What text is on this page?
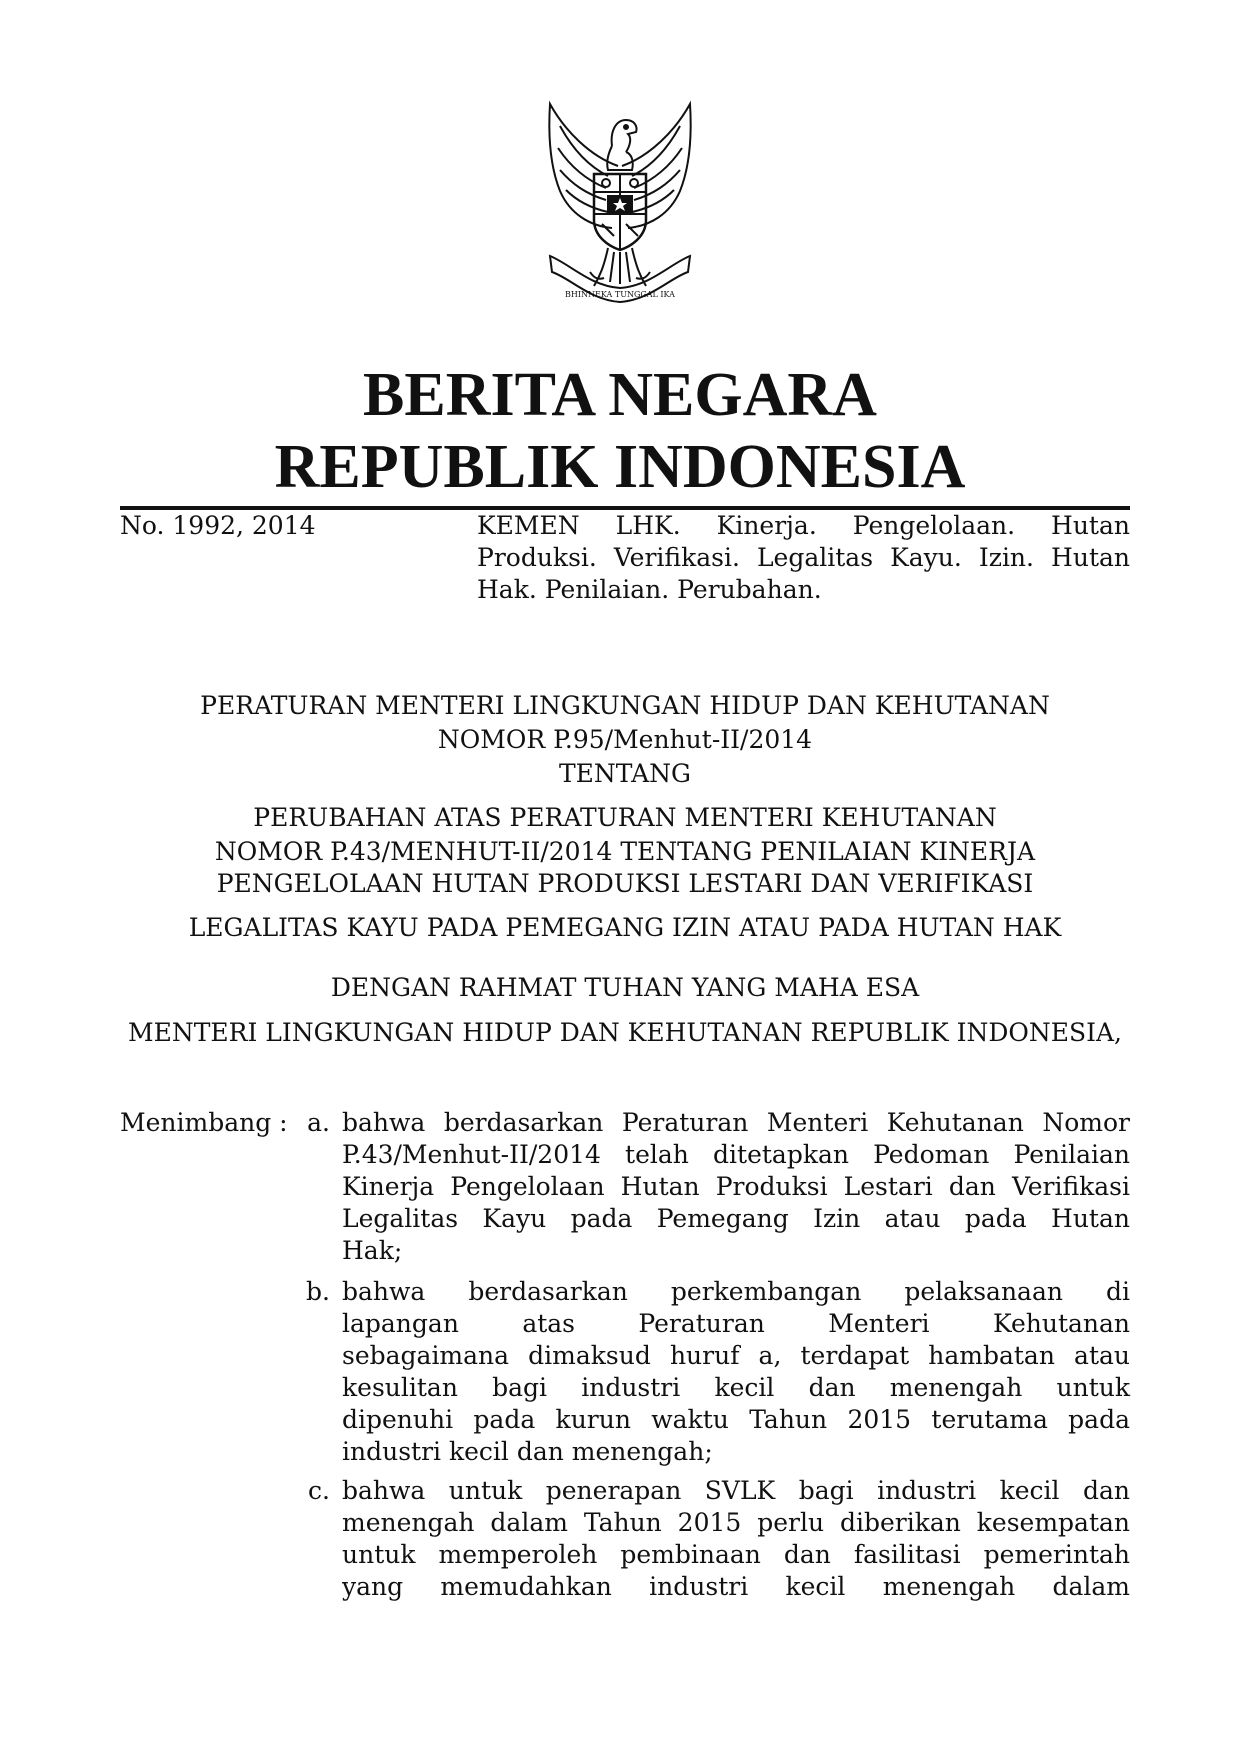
BHINNEKA TUNGGAL IKA
BERITA NEGARA
REPUBLIK INDONESIA
No. 1992, 2014	KEMEN LHK. Kinerja. Pengelolaan. Hutan
Produksi. Verifikasi. Legalitas Kayu. Izin. Hutan
Hak. Penilaian. Perubahan.
PERATURAN MENTERI LINGKUNGAN HIDUP DAN KEHUTANAN
NOMOR P.95/Menhut-II/2014
TENTANG
PERUBAHAN ATAS PERATURAN MENTERI KEHUTANAN
NOMOR P.43/MENHUT-II/2014 TENTANG PENILAIAN KINERJA
PENGELOLAAN HUTAN PRODUKSI LESTARI DAN VERIFIKASI
LEGALITAS KAYU PADA PEMEGANG IZIN ATAU PADA HUTAN HAK
DENGAN RAHMAT TUHAN YANG MAHA ESA
MENTERI LINGKUNGAN HIDUP DAN KEHUTANAN REPUBLIK INDONESIA,
Menimbang : a. bahwa berdasarkan Peraturan Menteri Kehutanan Nomor
P.43/Menhut-II/2014 telah ditetapkan Pedoman Penilaian
Kinerja Pengelolaan Hutan Produksi Lestari dan Verifikasi
Legalitas Kayu pada Pemegang Izin atau pada Hutan
Hak;
b. bahwa berdasarkan perkembangan pelaksanaan di
lapangan atas Peraturan Menteri Kehutanan
sebagaimana dimaksud huruf a, terdapat hambatan atau
kesulitan bagi industri kecil dan menengah untuk
dipenuhi pada kurun waktu Tahun 2015 terutama pada
industri kecil dan menengah;
c. bahwa untuk penerapan SVLK bagi industri kecil dan
menengah dalam Tahun 2015 perlu diberikan kesempatan
untuk memperoleh pembinaan dan fasilitasi pemerintah
yang memudahkan industri kecil menengah dalam
